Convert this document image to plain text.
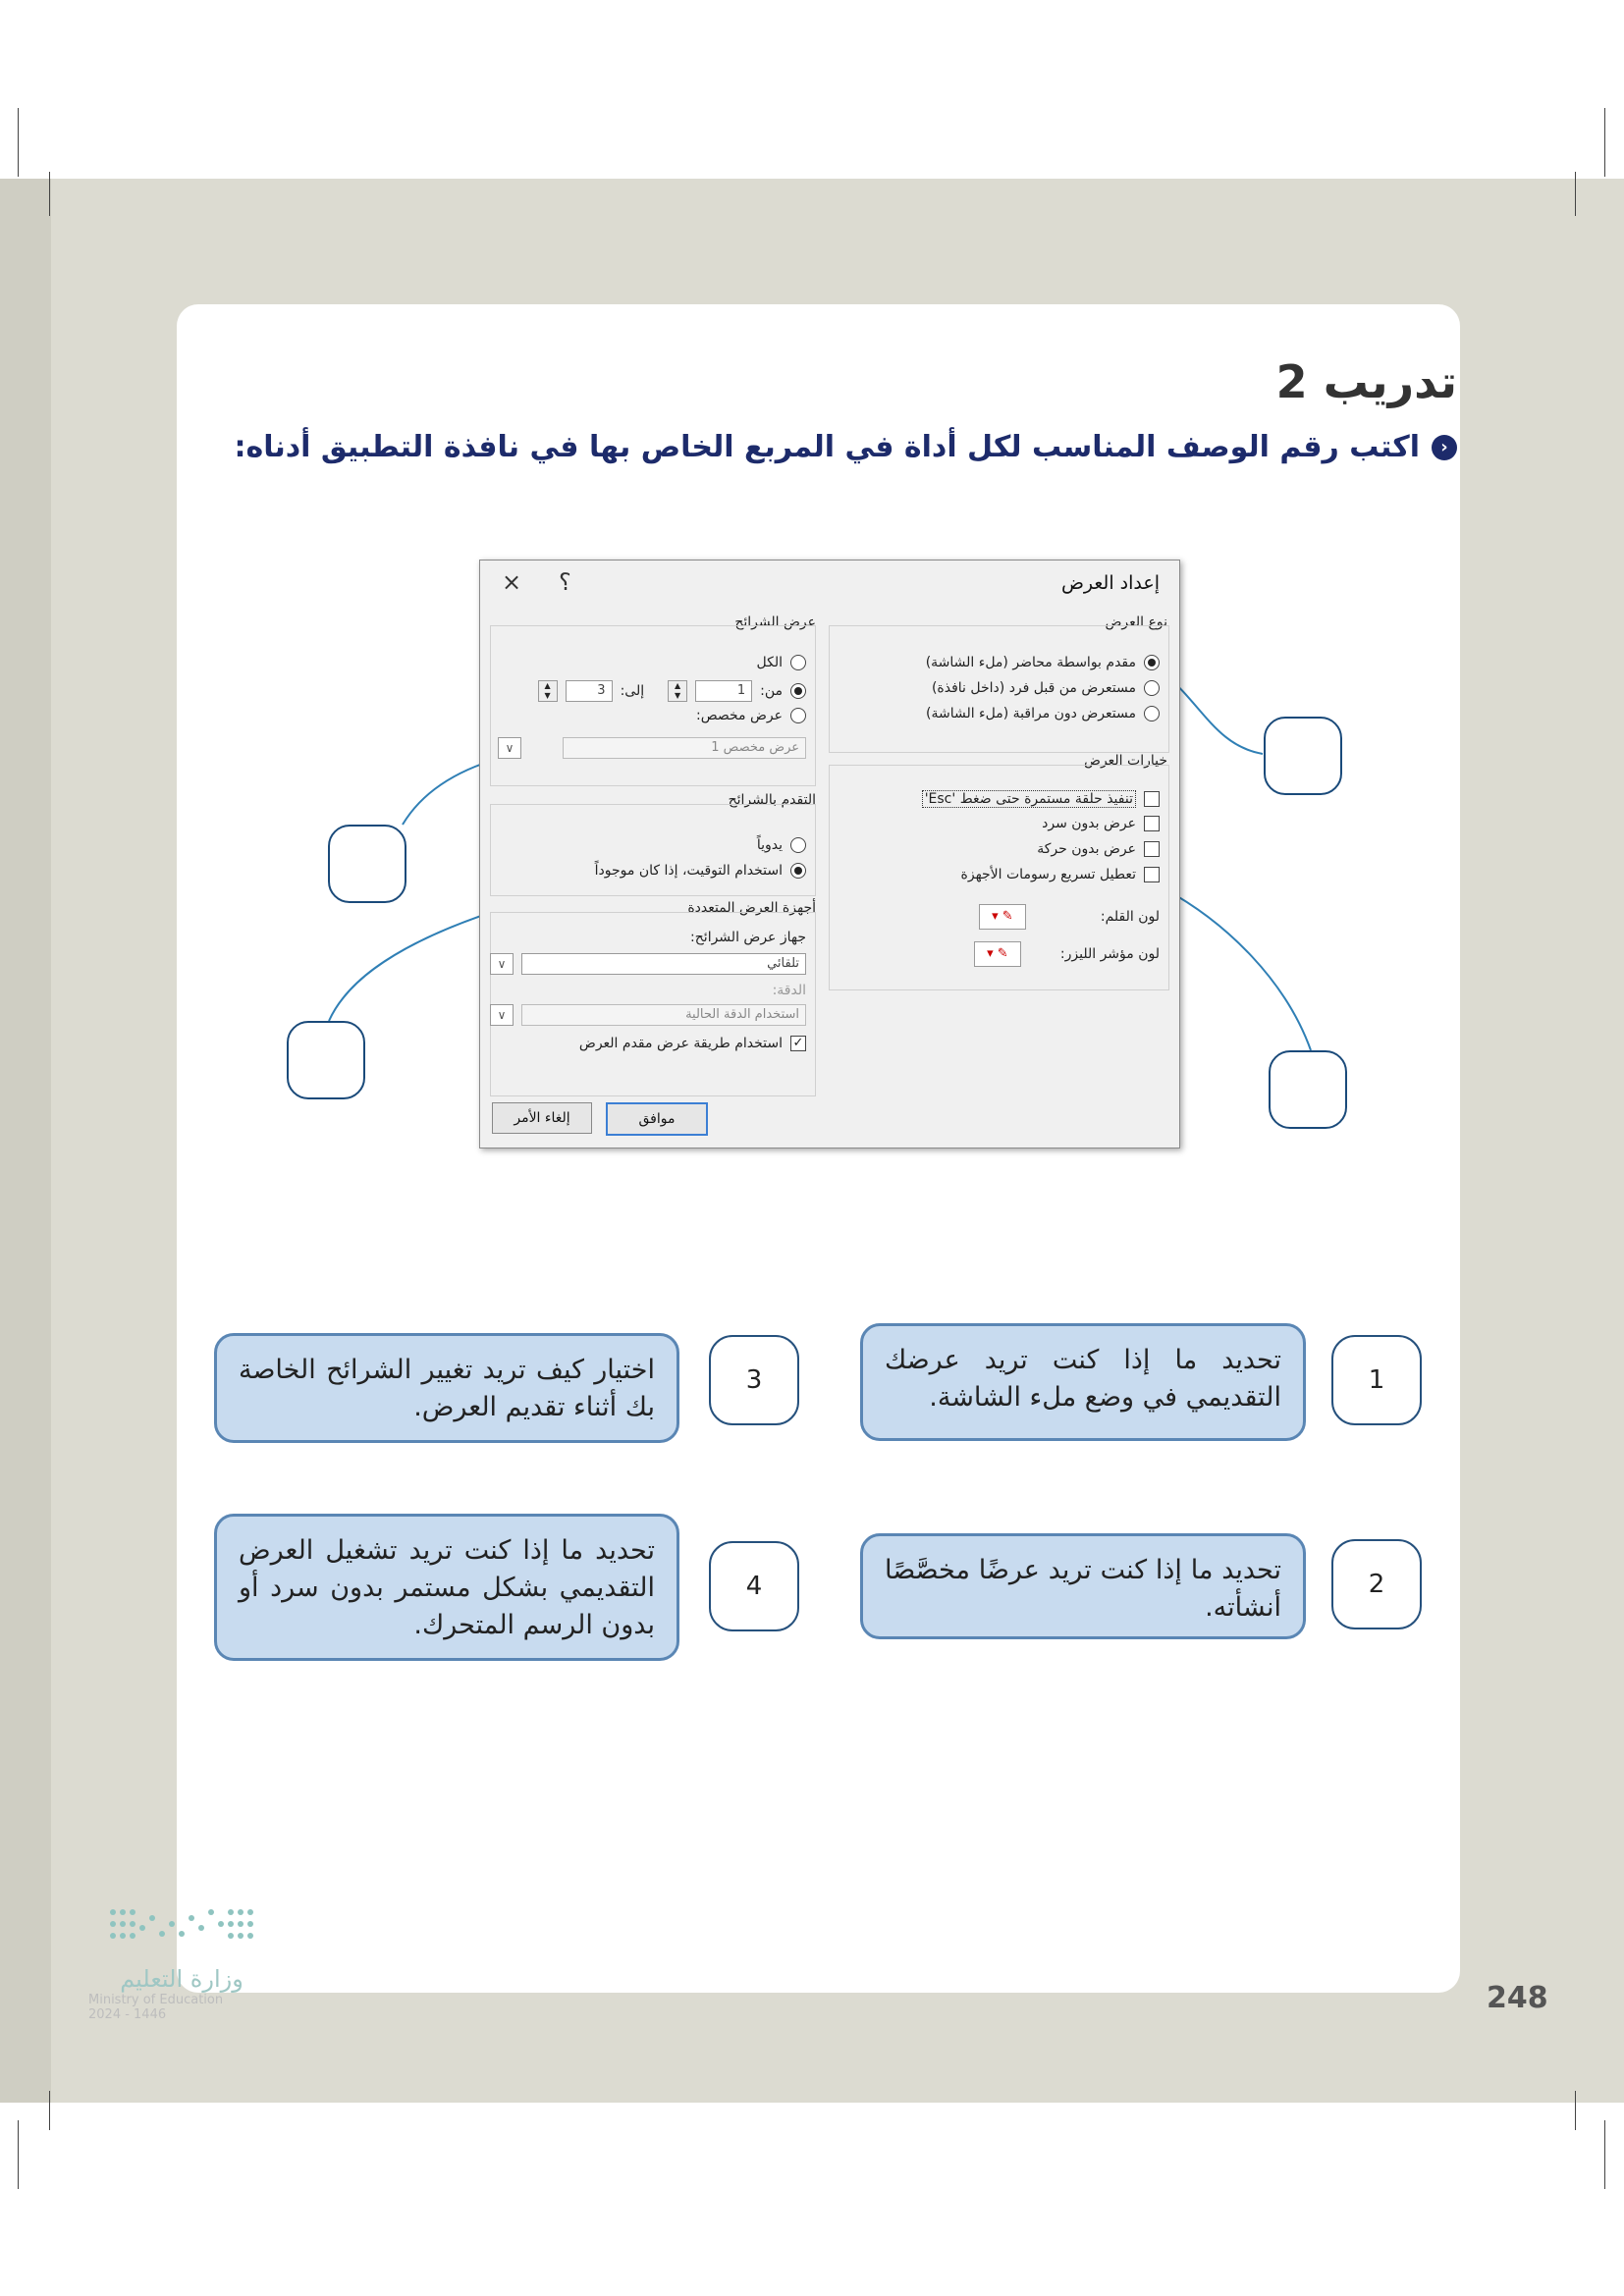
تدريب 2
‹
اكتب رقم الوصف المناسب لكل أداة في المربع الخاص بها في نافذة التطبيق أدناه:
إعداد العرض
؟
×
نوع العرض
مقدم بواسطة محاضر (ملء الشاشة)
مستعرض من قبل فرد (داخل نافذة)
مستعرض دون مراقبة (ملء الشاشة)
خيارات العرض
تنفيذ حلقة مستمرة حتى ضغط 'Esc'
عرض بدون سرد
عرض بدون حركة
تعطيل تسريع رسومات الأجهزة
لون القلم:
✎ ▾
لون مؤشر الليزر:
✎ ▾
عرض الشرائح
الكل
من:
1
▲
▼
إلى:
3
▲
▼
عرض مخصص:
عرض مخصص 1
∨
التقدم بالشرائح
يدوياً
استخدام التوقيت، إذا كان موجوداً
أجهزة العرض المتعددة
جهاز عرض الشرائح:
تلقائي
∨
الدقة:
استخدام الدقة الحالية
∨
✓
استخدام طريقة عرض مقدم العرض
موافق
إلغاء الأمر
1
تحديد ما إذا كنت تريد عرضك التقديمي في وضع ملء الشاشة.
3
اختيار كيف تريد تغيير الشرائح الخاصة بك أثناء تقديم العرض.
2
تحديد ما إذا كنت تريد عرضًا مخصَّصًا أنشأته.
4
تحديد ما إذا كنت تريد تشغيل العرض التقديمي بشكل مستمر بدون سرد أو بدون الرسم المتحرك.
وزارة التعليم
Ministry of Education
2024 - 1446	248
